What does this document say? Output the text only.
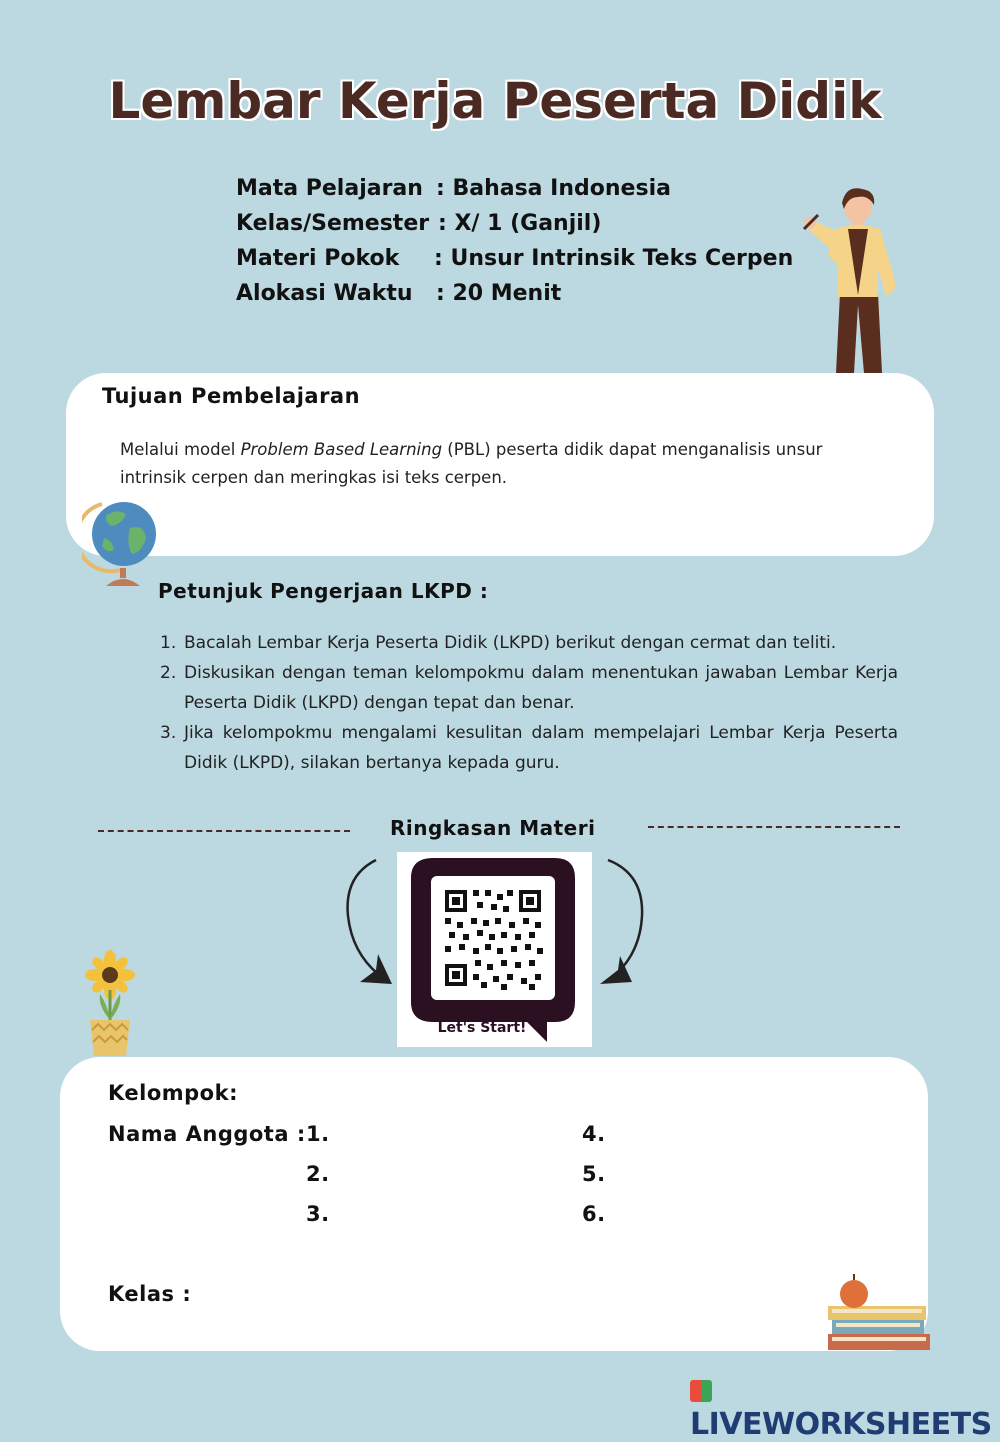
Lembar Kerja Peserta Didik
Mata Pelajaran : Bahasa Indonesia
Kelas/Semester : X/ 1 (Ganjil)
Materi Pokok : Unsur Intrinsik Teks Cerpen
Alokasi Waktu : 20 Menit
Tujuan Pembelajaran
Melalui model Problem Based Learning (PBL) peserta didik dapat menganalisis unsur intrinsik cerpen dan meringkas isi teks cerpen.
Petunjuk Pengerjaan LKPD :
1. Bacalah Lembar Kerja Peserta Didik (LKPD) berikut dengan cermat dan teliti.
2. Diskusikan dengan teman kelompokmu dalam menentukan jawaban Lembar Kerja Peserta Didik (LKPD) dengan tepat dan benar.
3. Jika kelompokmu mengalami kesulitan dalam mempelajari Lembar Kerja Peserta Didik (LKPD), silakan bertanya kepada guru.
Ringkasan Materi
Let's Start!
Kelompok:
Nama Anggota : 1.
2.
3.
4.
5.
6.
Kelas :
LIVEWORKSHEETS
